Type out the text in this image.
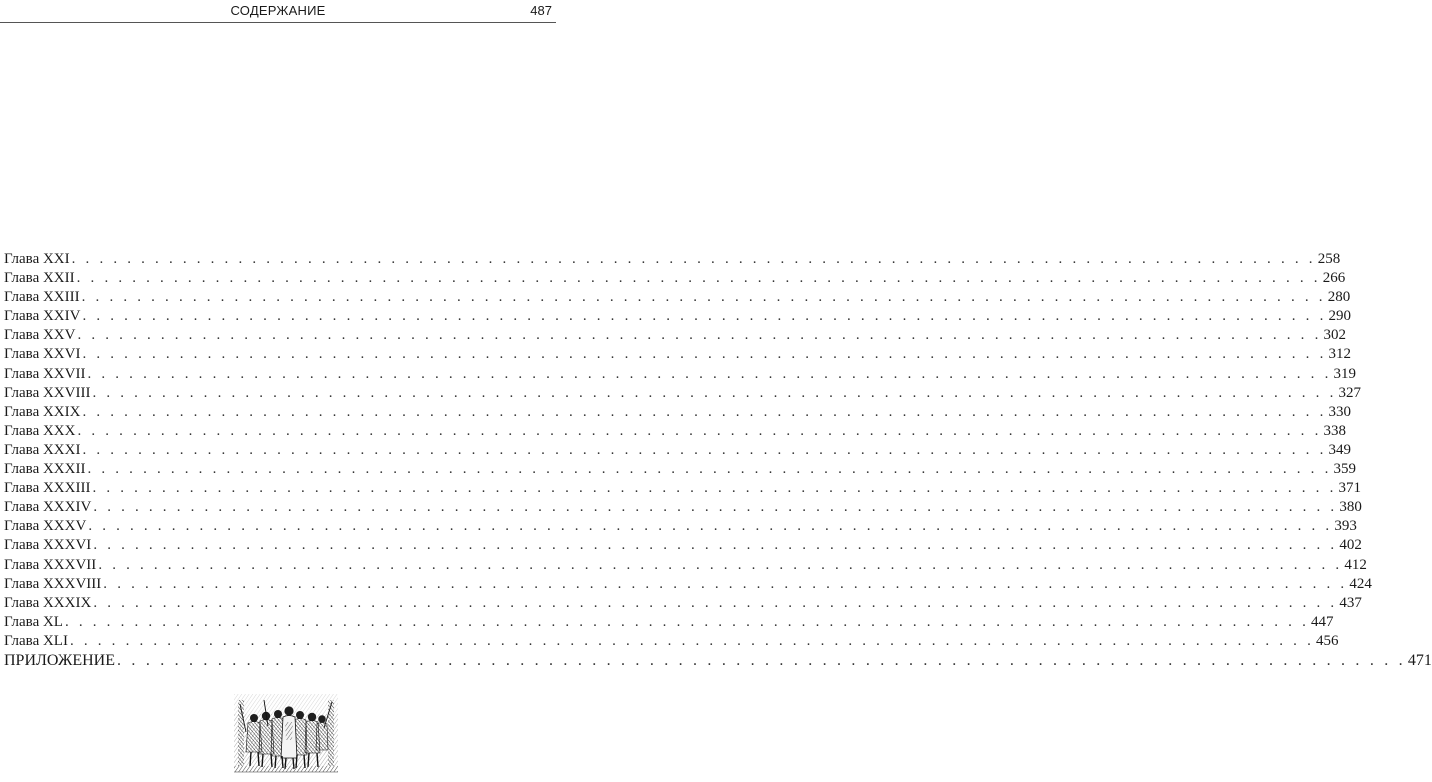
СОДЕРЖАНИЕ	487
Глава XXI . . . . . . . . . . . . . . . . . . . . . . . . . . . . . . . . . . . . . . . . . . . . . . . . . . . . . . . . . . . . . . . . . . . . . . . . . . . . . . . . . . . . . . . . . . 258
Глава XXII . . . . . . . . . . . . . . . . . . . . . . . . . . . . . . . . . . . . . . . . . . . . . . . . . . . . . . . . . . . . . . . . . . . . . . . . . . . . . . . . . . . . . . . . . . 266
Глава XXIII . . . . . . . . . . . . . . . . . . . . . . . . . . . . . . . . . . . . . . . . . . . . . . . . . . . . . . . . . . . . . . . . . . . . . . . . . . . . . . . . . . . . . . . . . . 280
Глава XXIV . . . . . . . . . . . . . . . . . . . . . . . . . . . . . . . . . . . . . . . . . . . . . . . . . . . . . . . . . . . . . . . . . . . . . . . . . . . . . . . . . . . . . . . . . . 290
Глава XXV . . . . . . . . . . . . . . . . . . . . . . . . . . . . . . . . . . . . . . . . . . . . . . . . . . . . . . . . . . . . . . . . . . . . . . . . . . . . . . . . . . . . . . . . . . 302
Глава XXVI . . . . . . . . . . . . . . . . . . . . . . . . . . . . . . . . . . . . . . . . . . . . . . . . . . . . . . . . . . . . . . . . . . . . . . . . . . . . . . . . . . . . . . . . . . 312
Глава XXVII . . . . . . . . . . . . . . . . . . . . . . . . . . . . . . . . . . . . . . . . . . . . . . . . . . . . . . . . . . . . . . . . . . . . . . . . . . . . . . . . . . . . . . . . . . 319
Глава XXVIII . . . . . . . . . . . . . . . . . . . . . . . . . . . . . . . . . . . . . . . . . . . . . . . . . . . . . . . . . . . . . . . . . . . . . . . . . . . . . . . . . . . . . . . . . . 327
Глава XXIX . . . . . . . . . . . . . . . . . . . . . . . . . . . . . . . . . . . . . . . . . . . . . . . . . . . . . . . . . . . . . . . . . . . . . . . . . . . . . . . . . . . . . . . . . . 330
Глава XXX . . . . . . . . . . . . . . . . . . . . . . . . . . . . . . . . . . . . . . . . . . . . . . . . . . . . . . . . . . . . . . . . . . . . . . . . . . . . . . . . . . . . . . . . . . 338
Глава XXXI . . . . . . . . . . . . . . . . . . . . . . . . . . . . . . . . . . . . . . . . . . . . . . . . . . . . . . . . . . . . . . . . . . . . . . . . . . . . . . . . . . . . . . . . . . 349
Глава XXXII . . . . . . . . . . . . . . . . . . . . . . . . . . . . . . . . . . . . . . . . . . . . . . . . . . . . . . . . . . . . . . . . . . . . . . . . . . . . . . . . . . . . . . . . . . 359
Глава XXXIII . . . . . . . . . . . . . . . . . . . . . . . . . . . . . . . . . . . . . . . . . . . . . . . . . . . . . . . . . . . . . . . . . . . . . . . . . . . . . . . . . . . . . . . . . . 371
Глава XXXIV . . . . . . . . . . . . . . . . . . . . . . . . . . . . . . . . . . . . . . . . . . . . . . . . . . . . . . . . . . . . . . . . . . . . . . . . . . . . . . . . . . . . . . . . . . 380
Глава XXXV . . . . . . . . . . . . . . . . . . . . . . . . . . . . . . . . . . . . . . . . . . . . . . . . . . . . . . . . . . . . . . . . . . . . . . . . . . . . . . . . . . . . . . . . . . 393
Глава XXXVI . . . . . . . . . . . . . . . . . . . . . . . . . . . . . . . . . . . . . . . . . . . . . . . . . . . . . . . . . . . . . . . . . . . . . . . . . . . . . . . . . . . . . . . . . . 402
Глава XXXVII . . . . . . . . . . . . . . . . . . . . . . . . . . . . . . . . . . . . . . . . . . . . . . . . . . . . . . . . . . . . . . . . . . . . . . . . . . . . . . . . . . . . . . . . . . 412
Глава XXXVIII . . . . . . . . . . . . . . . . . . . . . . . . . . . . . . . . . . . . . . . . . . . . . . . . . . . . . . . . . . . . . . . . . . . . . . . . . . . . . . . . . . . . . . . . . . 424
Глава XXXIX . . . . . . . . . . . . . . . . . . . . . . . . . . . . . . . . . . . . . . . . . . . . . . . . . . . . . . . . . . . . . . . . . . . . . . . . . . . . . . . . . . . . . . . . . . 437
Глава XL . . . . . . . . . . . . . . . . . . . . . . . . . . . . . . . . . . . . . . . . . . . . . . . . . . . . . . . . . . . . . . . . . . . . . . . . . . . . . . . . . . . . . . . . . . 447
Глава XLI . . . . . . . . . . . . . . . . . . . . . . . . . . . . . . . . . . . . . . . . . . . . . . . . . . . . . . . . . . . . . . . . . . . . . . . . . . . . . . . . . . . . . . . . . . 456
ПРИЛОЖЕНИЕ . . . . . . . . . . . . . . . . . . . . . . . . . . . . . . . . . . . . . . . . . . . . . . . . . . . . . . . . . . . . . . . . . . . . . . . . . . . . . . . . . . . . . . . . . . 471
